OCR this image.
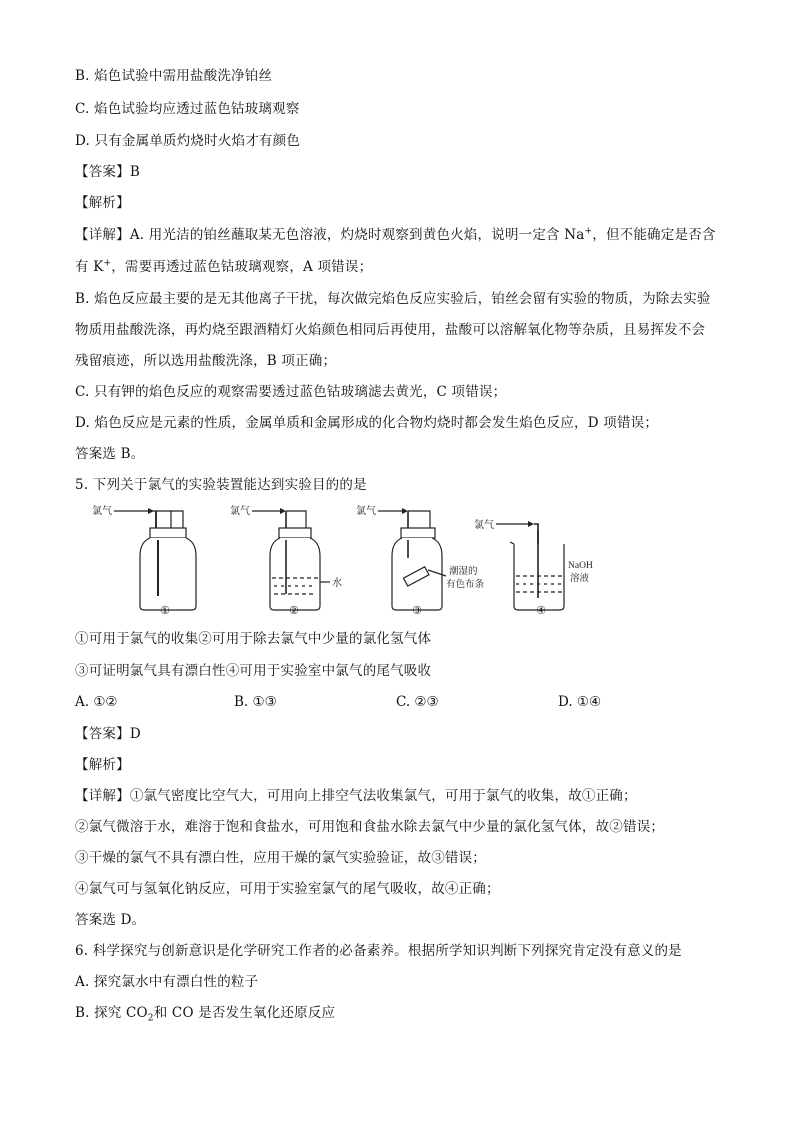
B. 焰色试验中需用盐酸洗净铂丝
C. 焰色试验均应透过蓝色钴玻璃观察
D. 只有金属单质灼烧时火焰才有颜色
【答案】B
【解析】
【详解】A. 用光洁的铂丝蘸取某无色溶液，灼烧时观察到黄色火焰，说明一定含 Na+，但不能确定是否含
有 K+，需要再透过蓝色钴玻璃观察，A 项错误；
B. 焰色反应最主要的是无其他离子干扰，每次做完焰色反应实验后，铂丝会留有实验的物质，为除去实验
物质用盐酸洗涤，再灼烧至跟酒精灯火焰颜色相同后再使用，盐酸可以溶解氧化物等杂质，且易挥发不会
残留痕迹，所以选用盐酸洗涤，B 项正确；
C. 只有钾的焰色反应的观察需要透过蓝色钴玻璃滤去黄光，C 项错误；
D. 焰色反应是元素的性质，金属单质和金属形成的化合物灼烧时都会发生焰色反应，D 项错误；
答案选 B。
5. 下列关于氯气的实验装置能达到实验目的的是
氯气
①
氯气
水
②
氯气
潮湿的
有色布条
③
氯气
NaOH
溶液
④
①可用于氯气的收集②可用于除去氯气中少量的氯化氢气体
③可证明氯气具有漂白性④可用于实验室中氯气的尾气吸收
A. ①②	B. ①③	C. ②③	D. ①④
【答案】D
【解析】
【详解】①氯气密度比空气大，可用向上排空气法收集氯气，可用于氯气的收集，故①正确；
②氯气微溶于水，难溶于饱和食盐水，可用饱和食盐水除去氯气中少量的氯化氢气体，故②错误；
③干燥的氯气不具有漂白性，应用干燥的氯气实验验证，故③错误；
④氯气可与氢氧化钠反应，可用于实验室氯气的尾气吸收，故④正确；
答案选 D。
6. 科学探究与创新意识是化学研究工作者的必备素养。根据所学知识判断下列探究肯定没有意义的是
A. 探究氯水中有漂白性的粒子
B. 探究 $CO_2$和 CO 是否发生氧化还原反应
